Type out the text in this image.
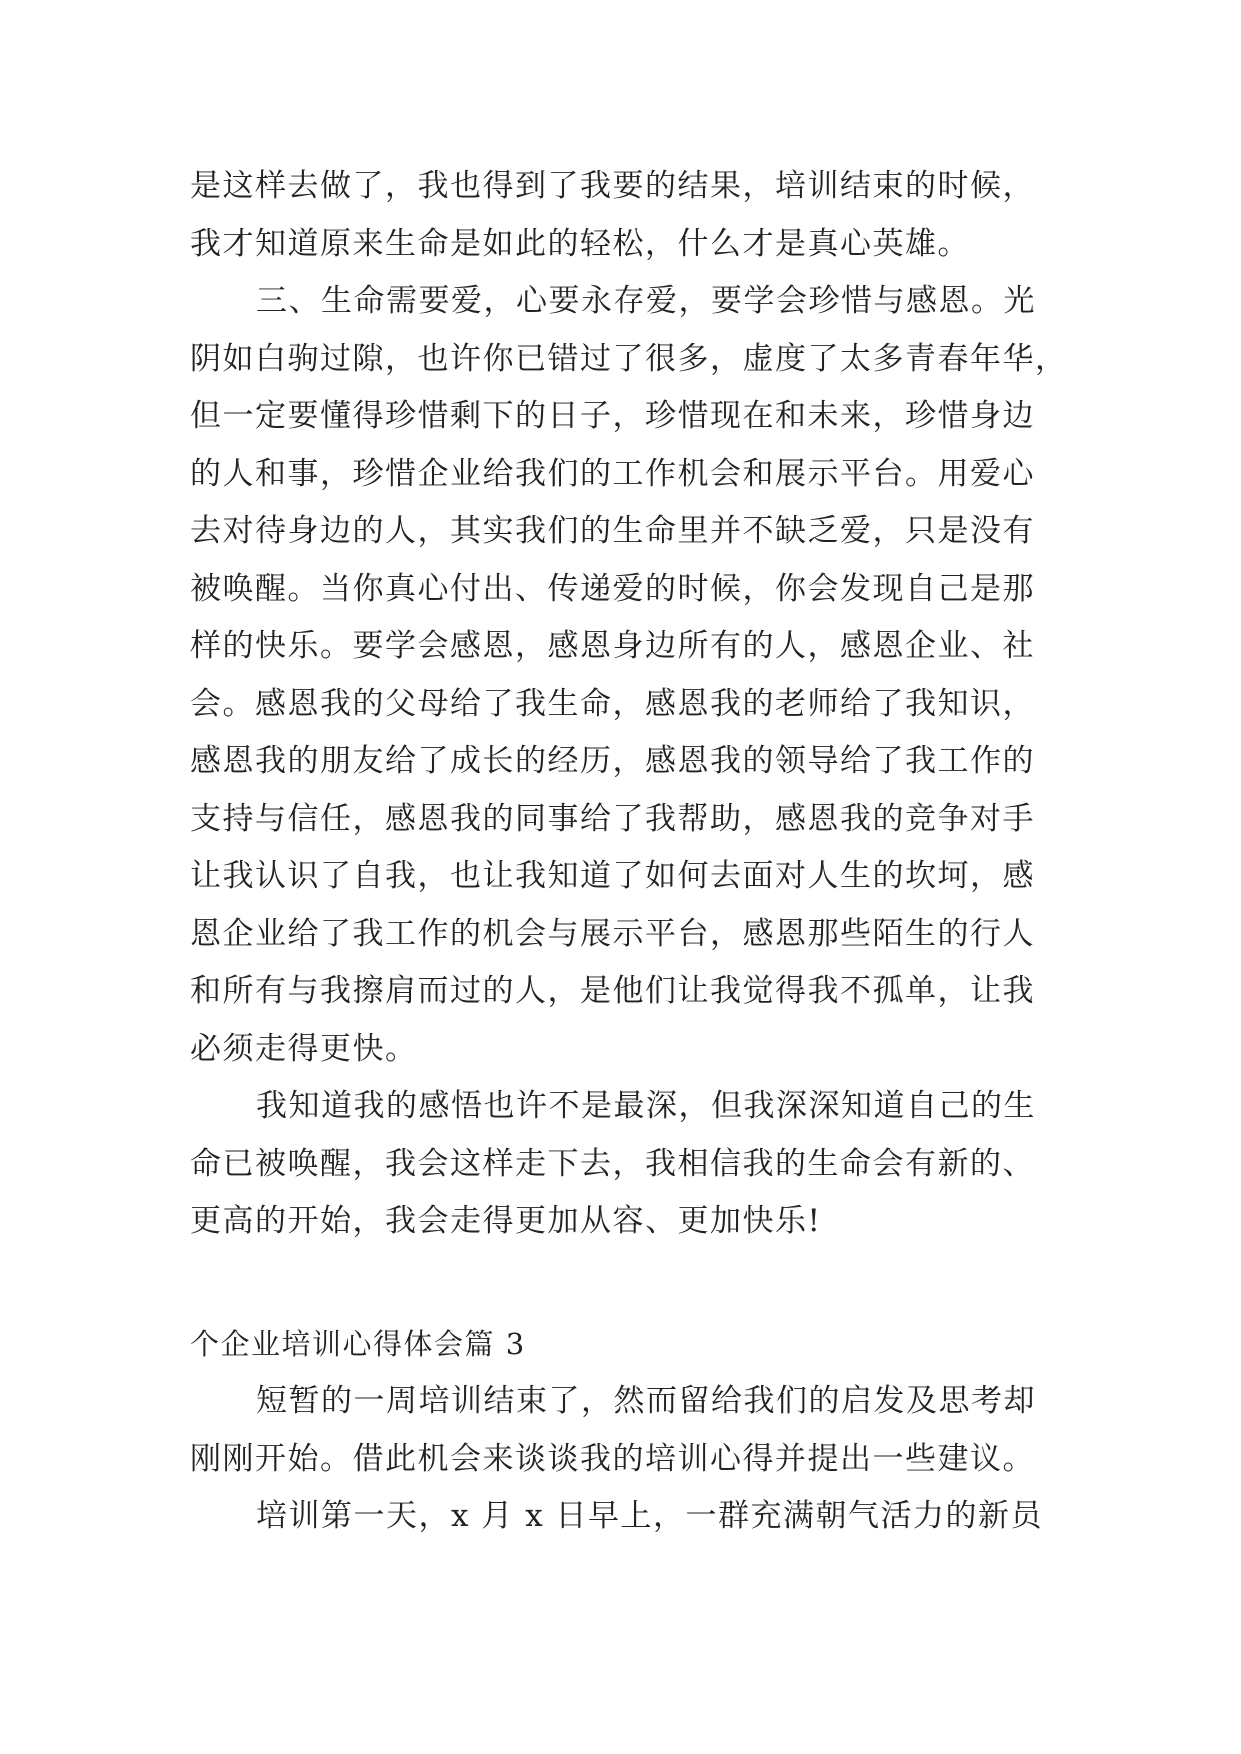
是这样去做了，我也得到了我要的结果，培训结束的时候，
我才知道原来生命是如此的轻松，什么才是真心英雄。
三、生命需要爱，心要永存爱，要学会珍惜与感恩。光
阴如白驹过隙，也许你已错过了很多，虚度了太多青春年华，
但一定要懂得珍惜剩下的日子，珍惜现在和未来，珍惜身边
的人和事，珍惜企业给我们的工作机会和展示平台。用爱心
去对待身边的人，其实我们的生命里并不缺乏爱，只是没有
被唤醒。当你真心付出、传递爱的时候，你会发现自己是那
样的快乐。要学会感恩，感恩身边所有的人，感恩企业、社
会。感恩我的父母给了我生命，感恩我的老师给了我知识，
感恩我的朋友给了成长的经历，感恩我的领导给了我工作的
支持与信任，感恩我的同事给了我帮助，感恩我的竞争对手
让我认识了自我，也让我知道了如何去面对人生的坎坷，感
恩企业给了我工作的机会与展示平台，感恩那些陌生的行人
和所有与我擦肩而过的人，是他们让我觉得我不孤单，让我
必须走得更快。
我知道我的感悟也许不是最深，但我深深知道自己的生
命已被唤醒，我会这样走下去，我相信我的生命会有新的、
更高的开始，我会走得更加从容、更加快乐!
个企业培训心得体会篇 3
短暂的一周培训结束了，然而留给我们的启发及思考却
刚刚开始。借此机会来谈谈我的培训心得并提出一些建议。
培训第一天，x 月 x 日早上，一群充满朝气活力的新员
